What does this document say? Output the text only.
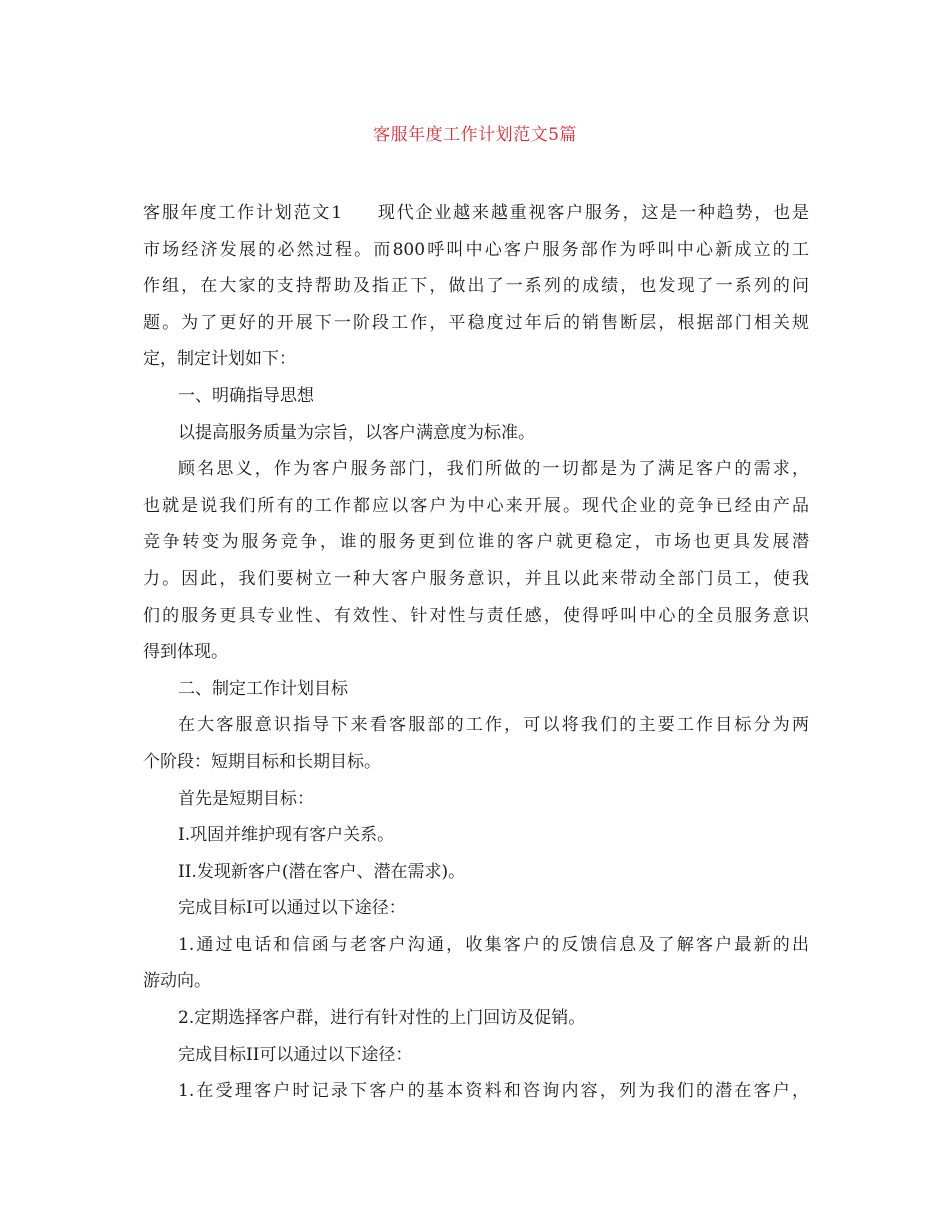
客服年度工作计划范文5篇
客服年度工作计划范文1 现代企业越来越重视客户服务，这是一种趋势，也是
市场经济发展的必然过程。而800呼叫中心客户服务部作为呼叫中心新成立的工
作组，在大家的支持帮助及指正下，做出了一系列的成绩，也发现了一系列的问
题。为了更好的开展下一阶段工作，平稳度过年后的销售断层，根据部门相关规
定，制定计划如下：
一、明确指导思想
以提高服务质量为宗旨，以客户满意度为标准。
顾名思义，作为客户服务部门，我们所做的一切都是为了满足客户的需求，
也就是说我们所有的工作都应以客户为中心来开展。现代企业的竞争已经由产品
竞争转变为服务竞争，谁的服务更到位谁的客户就更稳定，市场也更具发展潜
力。因此，我们要树立一种大客户服务意识，并且以此来带动全部门员工，使我
们的服务更具专业性、有效性、针对性与责任感，使得呼叫中心的全员服务意识
得到体现。
二、制定工作计划目标
在大客服意识指导下来看客服部的工作，可以将我们的主要工作目标分为两
个阶段：短期目标和长期目标。
首先是短期目标：
I.巩固并维护现有客户关系。
II.发现新客户(潜在客户、潜在需求)。
完成目标I可以通过以下途径：
1.通过电话和信函与老客户沟通，收集客户的反馈信息及了解客户最新的出
游动向。
2.定期选择客户群，进行有针对性的上门回访及促销。
完成目标II可以通过以下途径：
1.在受理客户时记录下客户的基本资料和咨询内容，列为我们的潜在客户，
